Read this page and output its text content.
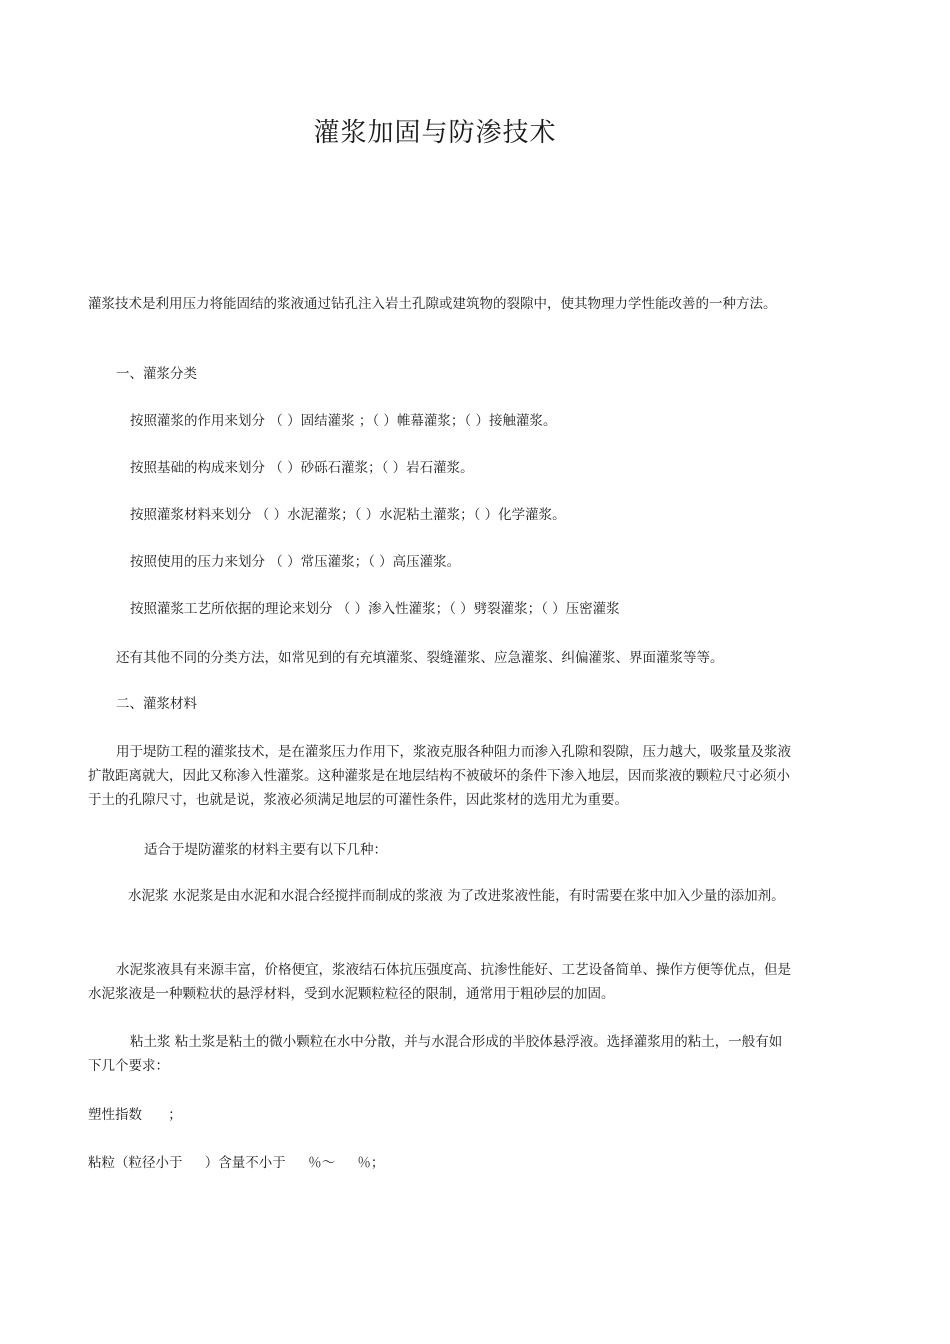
灌浆加固与防渗技术

灌浆技术是利用压力将能固结的浆液通过钻孔注入岩土孔隙或建筑物的裂隙中，使其物理力学性能改善的一种方法。

一、灌浆分类

按照灌浆的作用来划分 （ ）固结灌浆 ；（ ）帷幕灌浆；（ ）接触灌浆。

按照基础的构成来划分 （ ）砂砾石灌浆；（ ）岩石灌浆。

按照灌浆材料来划分 （ ）水泥灌浆；（ ）水泥粘土灌浆；（ ）化学灌浆。

按照使用的压力来划分 （ ）常压灌浆；（ ）高压灌浆。

按照灌浆工艺所依据的理论来划分 （ ）渗入性灌浆；（ ）劈裂灌浆；（ ）压密灌浆

还有其他不同的分类方法，如常见到的有充填灌浆、裂缝灌浆、应急灌浆、纠偏灌浆、界面灌浆等等。

二、灌浆材料

用于堤防工程的灌浆技术，是在灌浆压力作用下，浆液克服各种阻力而渗入孔隙和裂隙，压力越大，吸浆量及浆液扩散距离就大，因此又称渗入性灌浆。这种灌浆是在地层结构不被破坏的条件下渗入地层，因而浆液的颗粒尺寸必须小于土的孔隙尺寸，也就是说，浆液必须满足地层的可灌性条件，因此浆材的选用尤为重要。

适合于堤防灌浆的材料主要有以下几种：

水泥浆 水泥浆是由水泥和水混合经搅拌而制成的浆液 为了改进浆液性能，有时需要在浆中加入少量的添加剂。

水泥浆液具有来源丰富，价格便宜，浆液结石体抗压强度高、抗渗性能好、工艺设备简单、操作方便等优点，但是水泥浆液是一种颗粒状的悬浮材料，受到水泥颗粒粒径的限制，通常用于粗砂层的加固。

粘土浆 粘土浆是粘土的微小颗粒在水中分散，并与水混合形成的半胶体悬浮液。选择灌浆用的粘土，一般有如下几个要求：

塑性指数 ；

粘粒（粒径小于 ）含量不小于 ％～ ％；
